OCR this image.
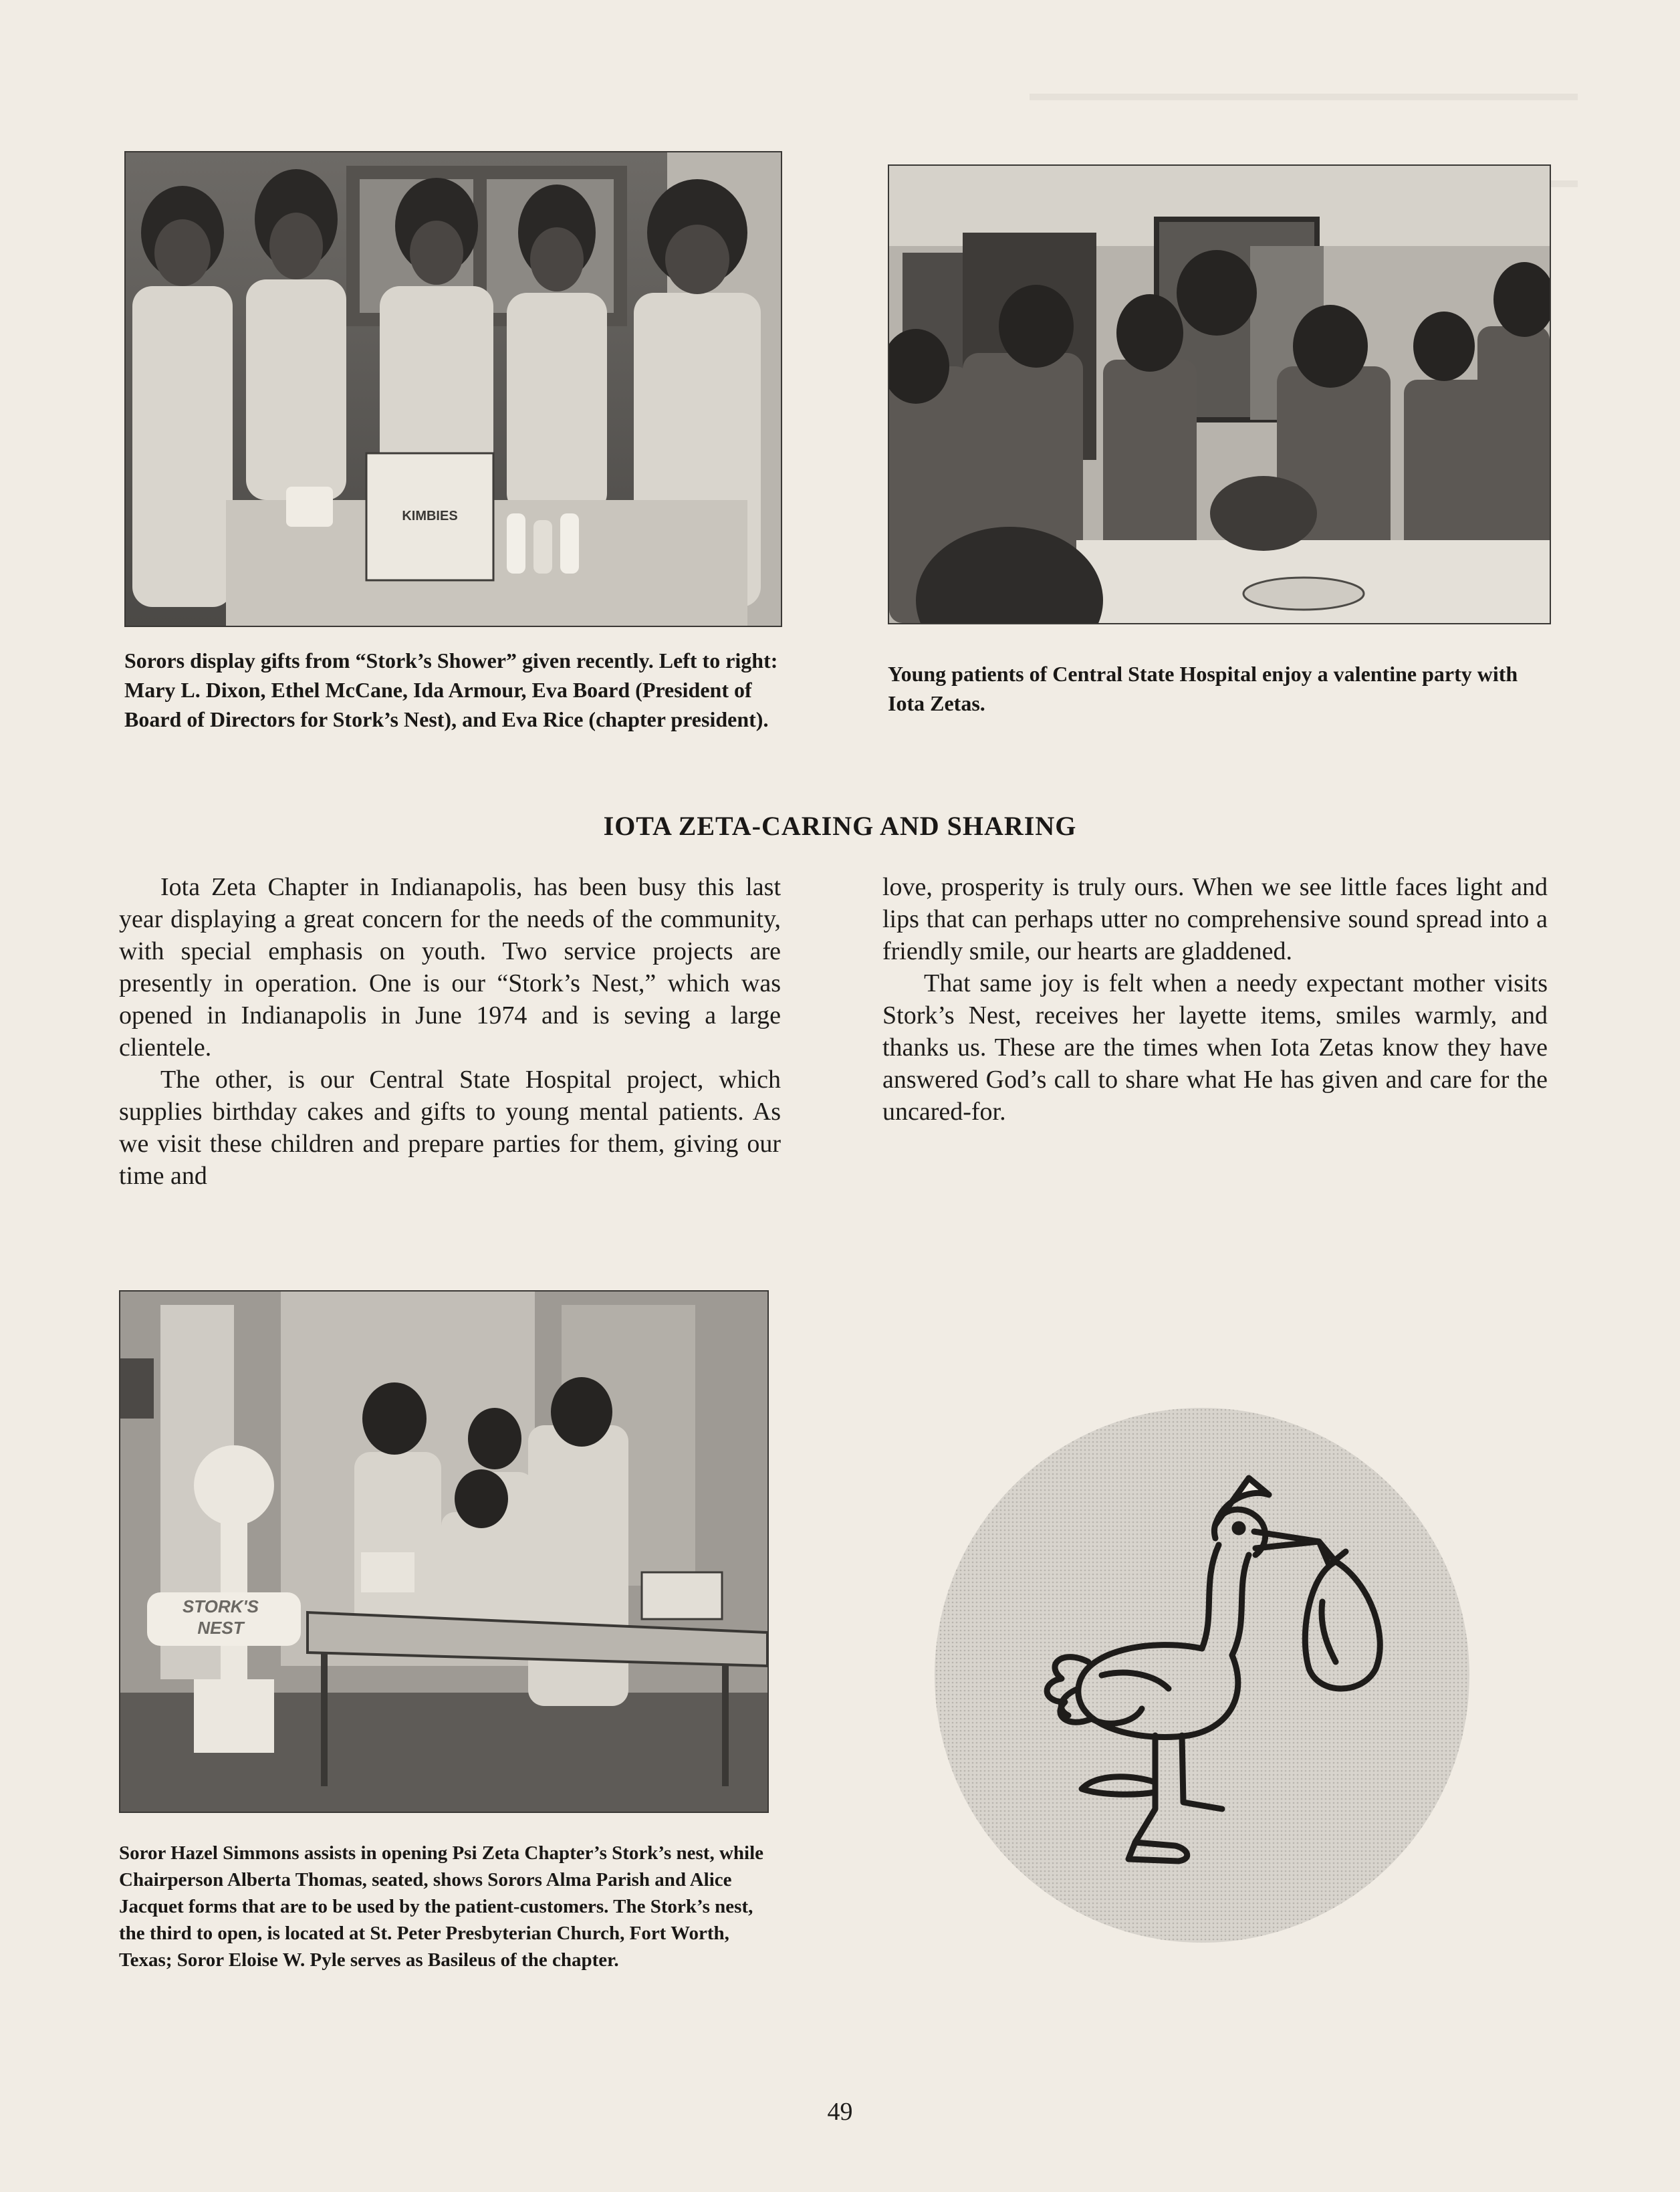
KIMBIES

Sorors display gifts from “Stork’s Shower” given recently. Left to right: Mary L. Dixon, Ethel McCane, Ida Armour, Eva Board (President of Board of Directors for Stork’s Nest), and Eva Rice (chapter president).

Young patients of Central State Hospital enjoy a valentine party with Iota Zetas.

IOTA ZETA-CARING AND SHARING

Iota Zeta Chapter in Indianapolis, has been busy this last year displaying a great concern for the needs of the community, with special emphasis on youth. Two service projects are presently in operation. One is our “Stork’s Nest,” which was opened in Indianapolis in June 1974 and is seving a large clientele.

The other, is our Central State Hospital project, which supplies birthday cakes and gifts to young mental patients. As we visit these children and prepare parties for them, giving our time and

love, prosperity is truly ours. When we see little faces light and lips that can perhaps utter no comprehensive sound spread into a friendly smile, our hearts are gladdened.

That same joy is felt when a needy expectant mother visits Stork’s Nest, receives her layette items, smiles warmly, and thanks us. These are the times when Iota Zetas know they have answered God’s call to share what He has given and care for the uncared-for.

STORK'S
NEST

Soror Hazel Simmons assists in opening Psi Zeta Chapter’s Stork’s nest, while Chairperson Alberta Thomas, seated, shows Sorors Alma Parish and Alice Jacquet forms that are to be used by the patient-customers. The Stork’s nest, the third to open, is located at St. Peter Presbyterian Church, Fort Worth, Texas; Soror Eloise W. Pyle serves as Basileus of the chapter.

49
